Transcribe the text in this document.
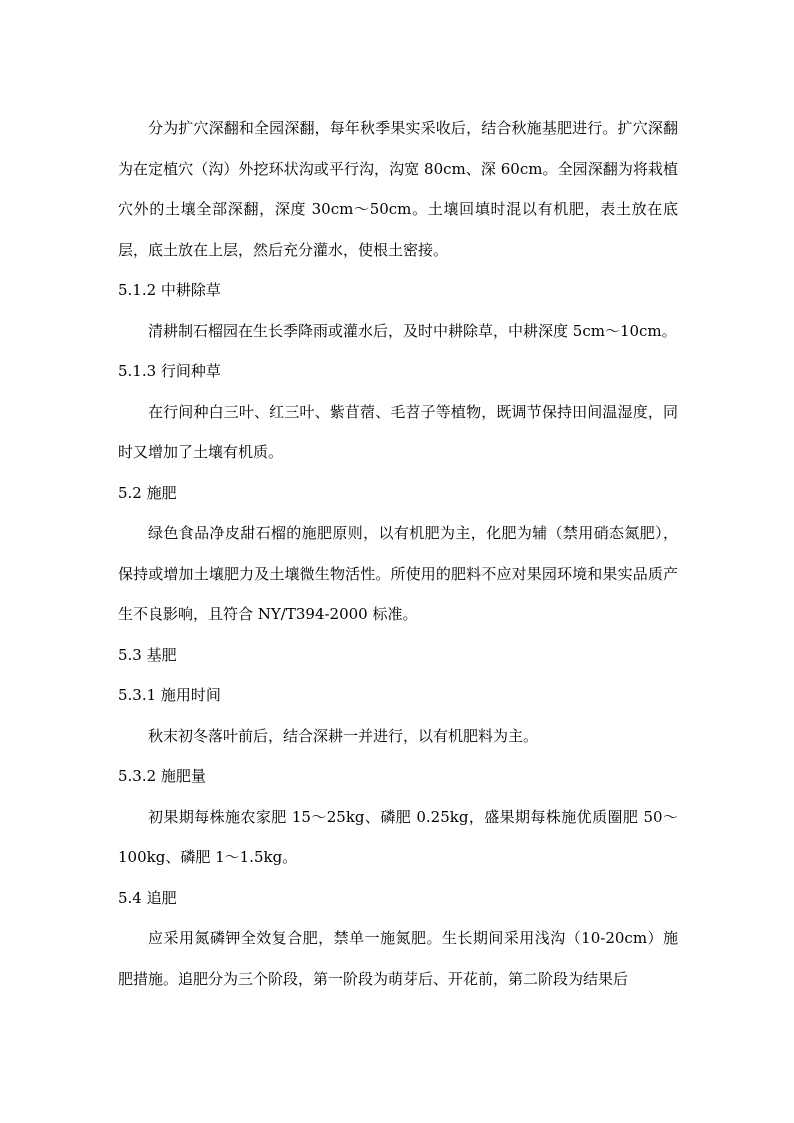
分为扩穴深翻和全园深翻，每年秋季果实采收后，结合秋施基肥进行。扩穴深翻为在定植穴（沟）外挖环状沟或平行沟，沟宽 80cm、深 60cm。全园深翻为将栽植穴外的土壤全部深翻，深度 30cm～50cm。土壤回填时混以有机肥，表土放在底层，底土放在上层，然后充分灌水，使根土密接。

5.1.2 中耕除草

清耕制石榴园在生长季降雨或灌水后，及时中耕除草，中耕深度 5cm～10cm。

5.1.3 行间种草

在行间种白三叶、红三叶、紫苜蓿、毛苕子等植物，既调节保持田间温湿度，同时又增加了土壤有机质。

5.2 施肥

绿色食品净皮甜石榴的施肥原则，以有机肥为主，化肥为辅（禁用硝态氮肥），保持或增加土壤肥力及土壤微生物活性。所使用的肥料不应对果园环境和果实品质产生不良影响，且符合 NY/T394-2000 标准。

5.3 基肥

5.3.1 施用时间

秋末初冬落叶前后，结合深耕一并进行，以有机肥料为主。

5.3.2 施肥量

初果期每株施农家肥 15～25kg、磷肥 0.25kg，盛果期每株施优质圈肥 50～100kg、磷肥 1～1.5kg。

5.4 追肥

应采用氮磷钾全效复合肥，禁单一施氮肥。生长期间采用浅沟（10-20cm）施肥措施。追肥分为三个阶段，第一阶段为萌芽后、开花前，第二阶段为结果后
